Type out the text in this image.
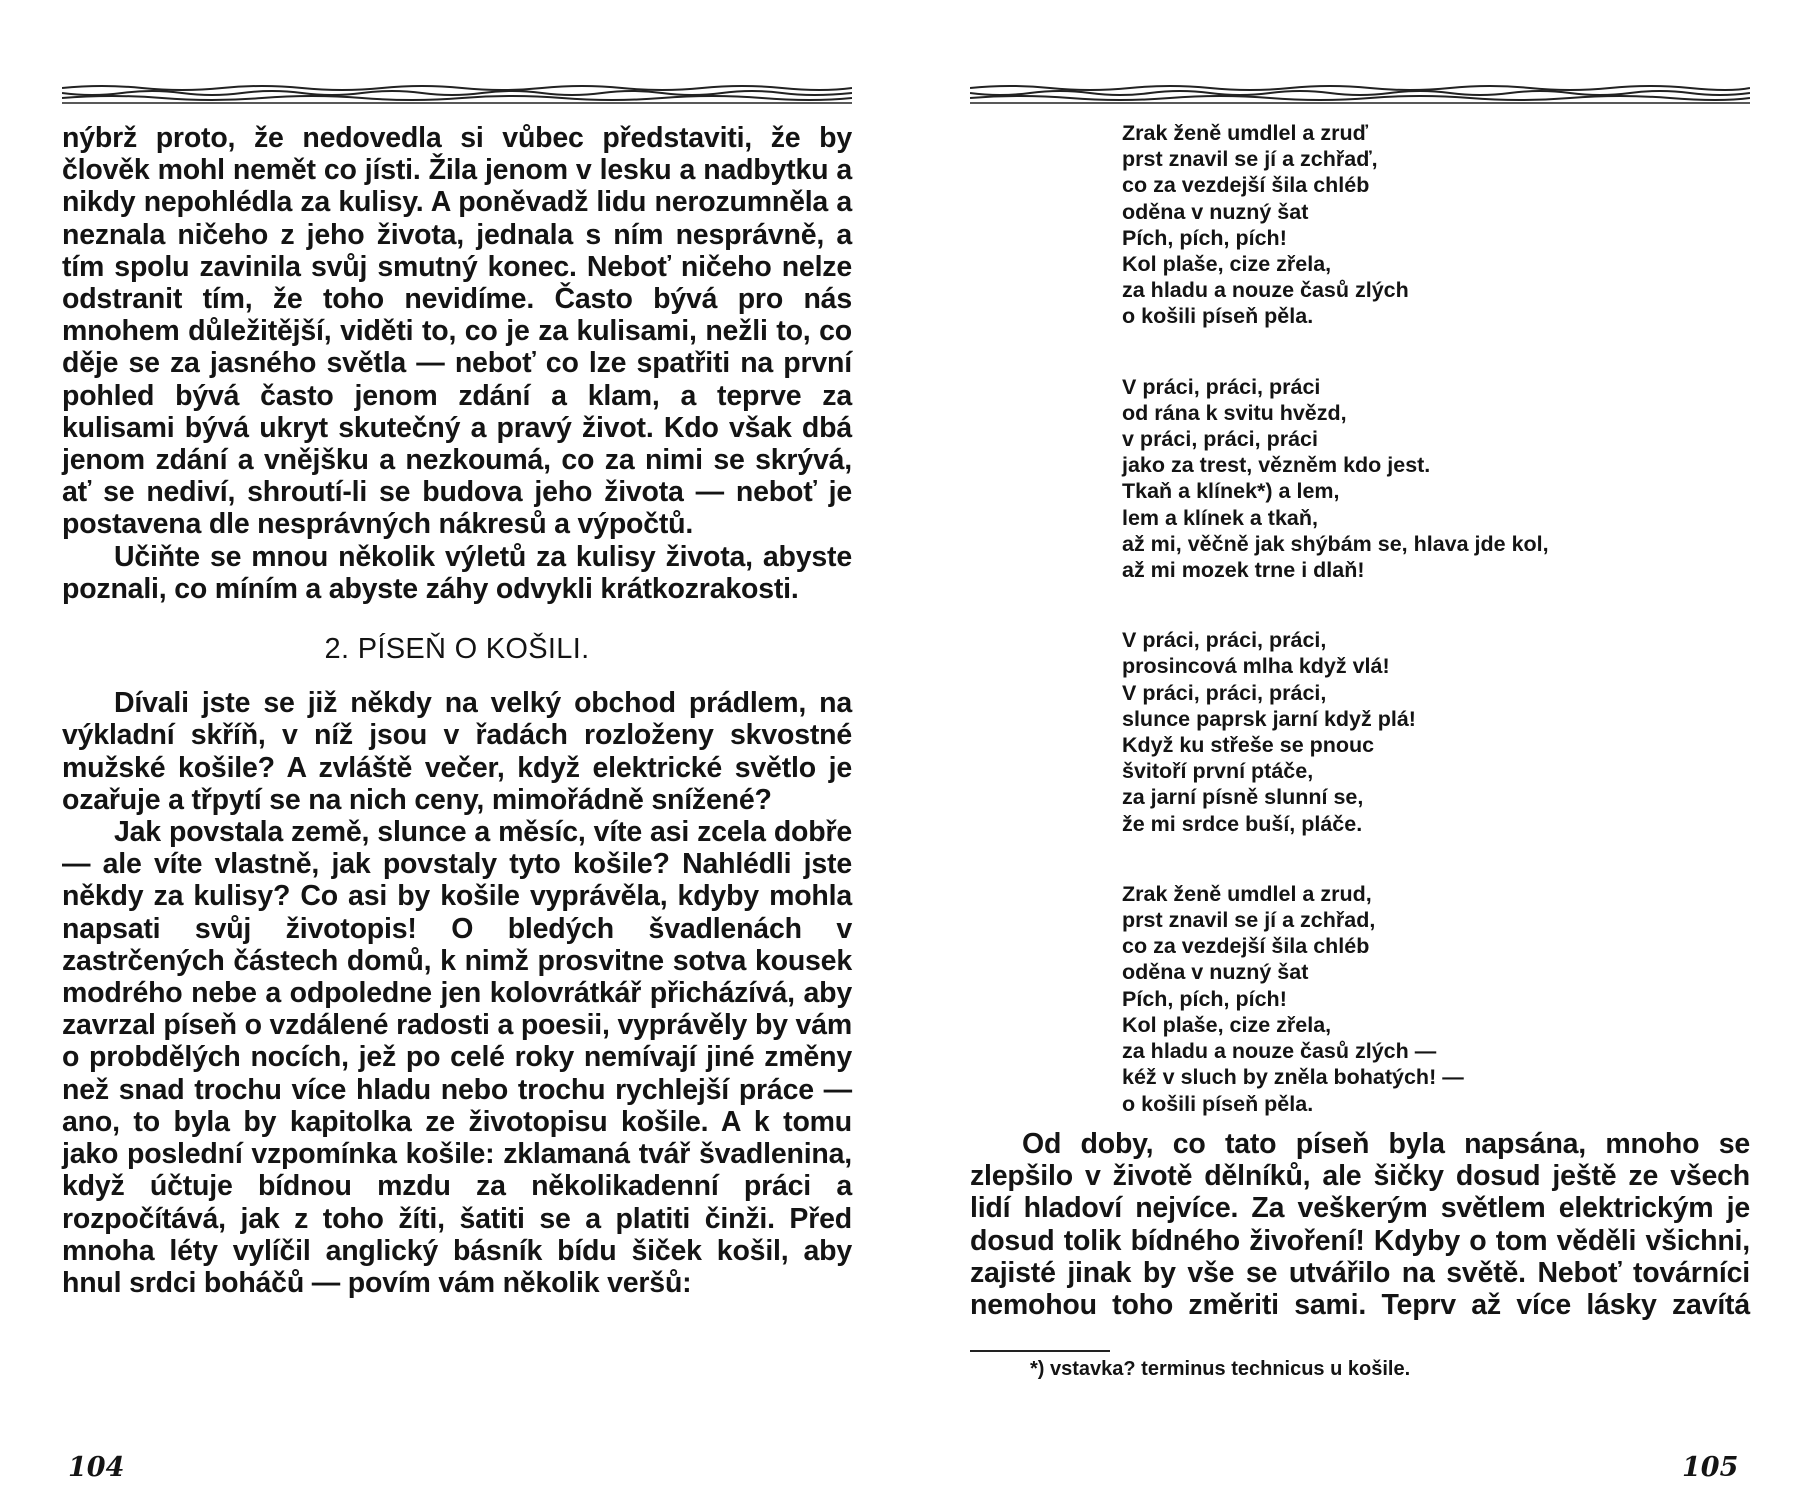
nýbrž proto, že nedovedla si vůbec představiti, že by člověk mohl nemět co jísti. Žila jenom v lesku a nadbytku a nikdy nepohlédla za kulisy. A poněvadž lidu nerozumněla a neznala ničeho z jeho života, jednala s ním nesprávně, a tím spolu zavinila svůj smutný konec. Neboť ničeho nelze odstranit tím, že toho nevidíme. Často bývá pro nás mnohem důležitější, viděti to, co je za kulisami, nežli to, co děje se za jasného světla — neboť co lze spatřiti na první pohled bývá často jenom zdání a klam, a teprve za kulisami bývá ukryt skutečný a pravý život. Kdo však dbá jenom zdání a vnějšku a nezkoumá, co za nimi se skrývá, ať se nediví, shroutí-li se budova jeho života — neboť je postavena dle nesprávných nákresů a výpočtů.

Učiňte se mnou několik výletů za kulisy života, abyste poznali, co míním a abyste záhy odvykli krátkozrakosti.

2. PÍSEŇ O KOŠILI.

Dívali jste se již někdy na velký obchod prádlem, na výkladní skříň, v níž jsou v řadách rozloženy skvostné mužské košile? A zvláště večer, když elektrické světlo je ozařuje a třpytí se na nich ceny, mimořádně snížené?

Jak povstala země, slunce a měsíc, víte asi zcela dobře — ale víte vlastně, jak povstaly tyto košile? Nahlédli jste někdy za kulisy? Co asi by košile vyprávěla, kdyby mohla napsati svůj životopis! O bledých švadlenách v zastrčených částech domů, k nimž prosvitne sotva kousek modrého nebe a odpoledne jen kolovrátkář přicházívá, aby zavrzal píseň o vzdálené radosti a poesii, vyprávěly by vám o probdělých nocích, jež po celé roky nemívají jiné změny než snad trochu více hladu nebo trochu rychlejší práce — ano, to byla by kapitolka ze životopisu košile. A k tomu jako poslední vzpomínka košile: zklamaná tvář švadlenina, když účtuje bídnou mzdu za několikadenní práci a rozpočítává, jak z toho žíti, šatiti se a platiti činži. Před mnoha léty vylíčil anglický básník bídu šiček košil, aby hnul srdci boháčů — povím vám několik veršů:

104
Zrak ženě umdlel a zruď
prst znavil se jí a zchřaď,
co za vezdejší šila chléb
oděna v nuzný šat
Pích, pích, pích!
Kol plaše, cize zřela,
za hladu a nouze časů zlých
o košili píseň pěla.
V práci, práci, práci
od rána k svitu hvězd,
v práci, práci, práci
jako za trest, vězněm kdo jest.
Tkaň a klínek*) a lem,
lem a klínek a tkaň,
až mi, věčně jak shýbám se, hlava jde kol,
až mi mozek trne i dlaň!
V práci, práci, práci,
prosincová mlha když vlá!
V práci, práci, práci,
slunce paprsk jarní když plá!
Když ku střeše se pnouc
švitoří první ptáče,
za jarní písně slunní se,
že mi srdce buší, pláče.
Zrak ženě umdlel a zrud,
prst znavil se jí a zchřad,
co za vezdejší šila chléb
oděna v nuzný šat
Pích, pích, pích!
Kol plaše, cize zřela,
za hladu a nouze časů zlých —
kéž v sluch by zněla bohatých! —
o košili píseň pěla.

Od doby, co tato píseň byla napsána, mnoho se zlepšilo v životě dělníků, ale šičky dosud ještě ze všech lidí hladoví nejvíce. Za veškerým světlem elektrickým je dosud tolik bídného živoření! Kdyby o tom věděli všichni, zajisté jinak by vše se utvářilo na světě. Neboť továrníci nemohou toho změriti sami. Teprv až více lásky zavítá

*) vstavka? terminus technicus u košile.
105
